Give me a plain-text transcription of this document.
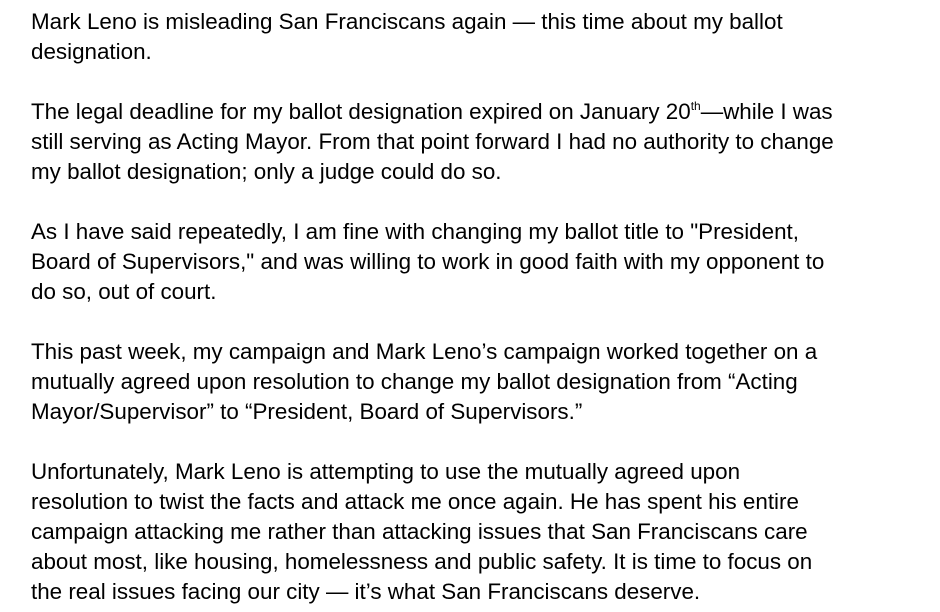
Mark Leno is misleading San Franciscans again — this time about my ballot
designation.

The legal deadline for my ballot designation expired on January 20th—while I was
still serving as Acting Mayor. From that point forward I had no authority to change
my ballot designation; only a judge could do so.

As I have said repeatedly, I am fine with changing my ballot title to "President,
Board of Supervisors," and was willing to work in good faith with my opponent to
do so, out of court.

This past week, my campaign and Mark Leno’s campaign worked together on a
mutually agreed upon resolution to change my ballot designation from “Acting
Mayor/Supervisor” to “President, Board of Supervisors.”

Unfortunately, Mark Leno is attempting to use the mutually agreed upon
resolution to twist the facts and attack me once again. He has spent his entire
campaign attacking me rather than attacking issues that San Franciscans care
about most, like housing, homelessness and public safety. It is time to focus on
the real issues facing our city — it’s what San Franciscans deserve.
